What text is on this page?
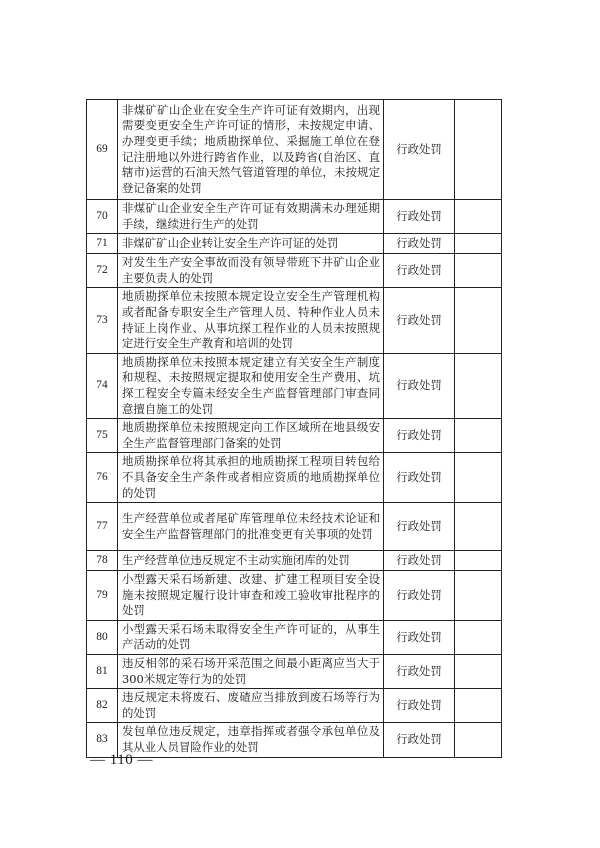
69	非煤矿矿山企业在安全生产许可证有效期内，出现需要变更安全生产许可证的情形，未按规定申请、办理变更手续；地质勘探单位、采掘施工单位在登记注册地以外进行跨省作业，以及跨省(自治区、直辖市)运营的石油天然气管道管理的单位，未按规定登记备案的处罚	行政处罚	
70	非煤矿山企业安全生产许可证有效期满未办理延期手续，继续进行生产的处罚	行政处罚	
71	非煤矿矿山企业转让安全生产许可证的处罚	行政处罚	
72	对发生生产安全事故而没有领导带班下井矿山企业主要负责人的处罚	行政处罚	
73	地质勘探单位未按照本规定设立安全生产管理机构或者配备专职安全生产管理人员、特种作业人员未持证上岗作业、从事坑探工程作业的人员未按照规定进行安全生产教育和培训的处罚	行政处罚	
74	地质勘探单位未按照本规定建立有关安全生产制度和规程、未按照规定提取和使用安全生产费用、坑探工程安全专篇未经安全生产监督管理部门审查同意擅自施工的处罚	行政处罚	
75	地质勘探单位未按照规定向工作区域所在地县级安全生产监督管理部门备案的处罚	行政处罚	
76	地质勘探单位将其承担的地质勘探工程项目转包给不具备安全生产条件或者相应资质的地质勘探单位的处罚	行政处罚	
77	生产经营单位或者尾矿库管理单位未经技术论证和安全生产监督管理部门的批准变更有关事项的处罚	行政处罚	
78	生产经营单位违反规定不主动实施闭库的处罚	行政处罚	
79	小型露天采石场新建、改建、扩建工程项目安全设施未按照规定履行设计审查和竣工验收审批程序的处罚	行政处罚	
80	小型露天采石场未取得安全生产许可证的，从事生产活动的处罚	行政处罚	
81	违反相邻的采石场开采范围之间最小距离应当大于300米规定等行为的处罚	行政处罚	
82	违反规定未将废石、废碴应当排放到废石场等行为的处罚	行政处罚	
83	发包单位违反规定，违章指挥或者强令承包单位及其从业人员冒险作业的处罚	行政处罚	
— 110 —
